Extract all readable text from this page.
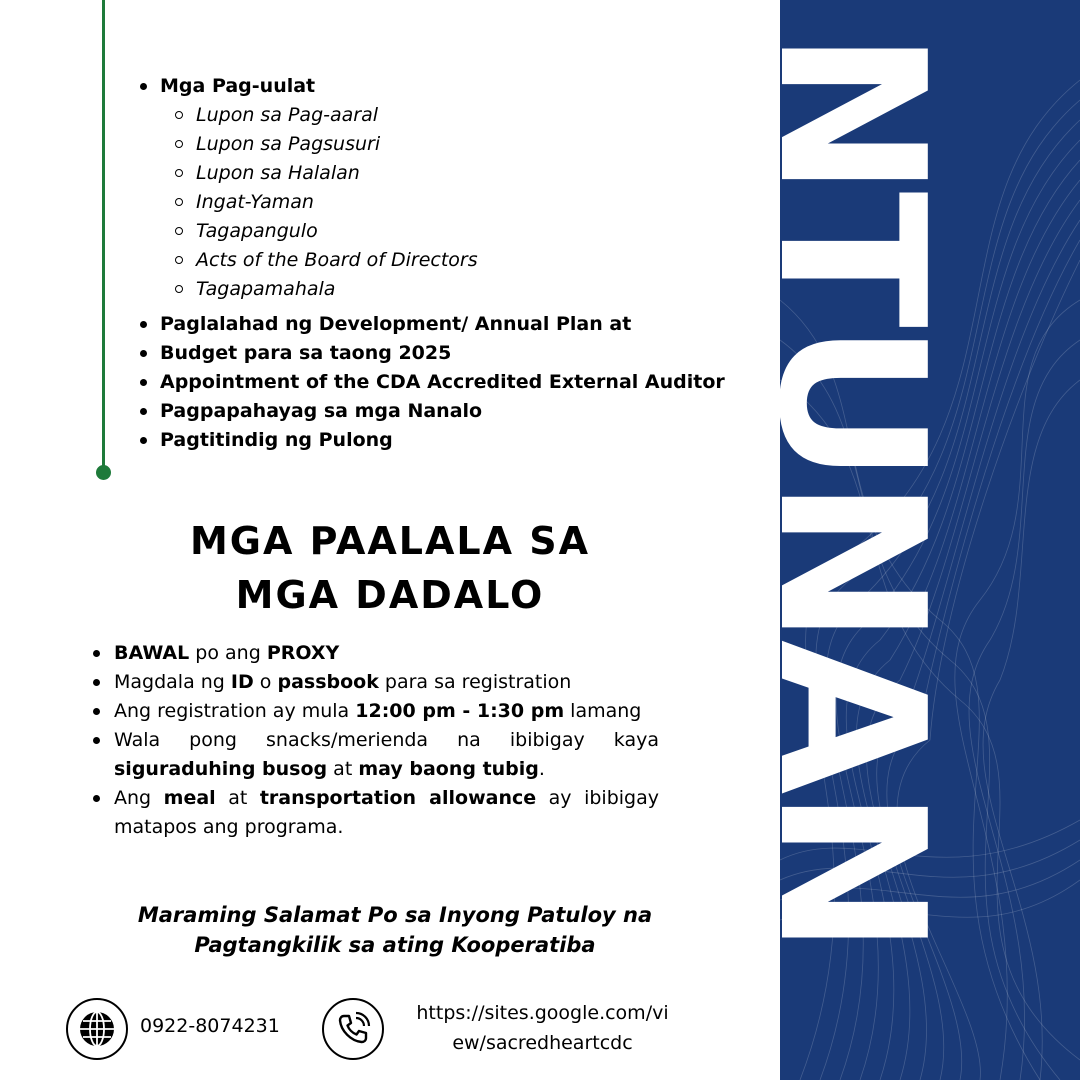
Mga Pag-uulat
Lupon sa Pag-aaral
Lupon sa Pagsusuri
Lupon sa Halalan
Ingat-Yaman
Tagapangulo
Acts of the Board of Directors
Tagapamahala
Paglalahad ng Development/ Annual Plan at
Budget para sa taong 2025
Appointment of the CDA Accredited External Auditor
Pagpapahayag sa mga Nanalo
Pagtitindig ng Pulong
MGA PAALALA SA
MGA DADALO
BAWAL po ang PROXY
Magdala ng ID o passbook para sa registration
Ang registration ay mula 12:00 pm - 1:30 pm lamang
Wala pong snacks/merienda na ibibigay kaya siguraduhing busog at may baong tubig.
Ang meal at transportation allowance ay ibibigay matapos ang programa.
Maraming Salamat Po sa Inyong Patuloy na
Pagtangkilik sa ating Kooperatiba
0922-8074231
https://sites.google.com/vi
ew/sacredheartcdc
NTUNAN
